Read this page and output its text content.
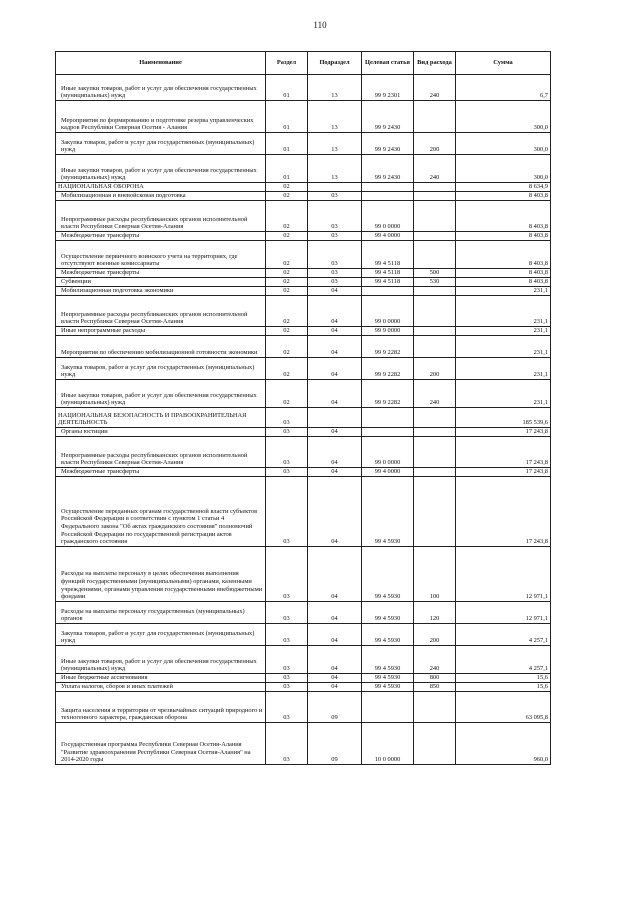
110
Наименование	Раздел	Подраздел	Целевая статья	Вид расхода	Сумма
Иные закупки товаров, работ и услуг для обеспечения государственных (муниципальных) нужд	01	13	99 9 2301	240	6,7
Мероприятия по формированию и подготовке резерва управленческих кадров Республики Северная Осетия - Алания	01	13	99 9 2430		300,0
Закупка товаров, работ и услуг для государственных (муниципальных) нужд	01	13	99 9 2430	200	300,0
Иные закупки товаров, работ и услуг для обеспечения государственных (муниципальных) нужд	01	13	99 9 2430	240	300,0
НАЦИОНАЛЬНАЯ ОБОРОНА	02				8 634,9
Мобилизационная и вневойсковая подготовка	02	03			8 403,8
Непрограммные расходы республиканских органов исполнительной власти Республики Северная Осетия-Алания	02	03	99 0 0000		8 403,8
Межбюджетные трансферты	02	03	99 4 0000		8 403,8
Осуществление первичного воинского учета на территориях, где отсутствуют военные комиссариаты	02	03	99 4 5118		8 403,8
Межбюджетные трансферты	02	03	99 4 5118	500	8 403,8
Субвенции	02	03	99 4 5118	530	8 403,8
Мобилизационная подготовка экономики	02	04			231,1
Непрограммные расходы республиканских органов исполнительной власти Республики Северная Осетия-Алания	02	04	99 0 0000		231,1
Иные непрограммные расходы	02	04	99 9 0000		231,1
Мероприятия по обеспечению мобилизационной готовности экономики	02	04	99 9 2282		231,1
Закупка товаров, работ и услуг для государственных (муниципальных) нужд	02	04	99 9 2282	200	231,1
Иные закупки товаров, работ и услуг для обеспечения государственных (муниципальных) нужд	02	04	99 9 2282	240	231,1
НАЦИОНАЛЬНАЯ БЕЗОПАСНОСТЬ И ПРАВООХРАНИТЕЛЬНАЯ ДЕЯТЕЛЬНОСТЬ	03				185 539,6
Органы юстиции	03	04			17 243,8
Непрограммные расходы республиканских органов исполнительной власти Республики Северная Осетия-Алания	03	04	99 0 0000		17 243,8
Межбюджетные трансферты	03	04	99 4 0000		17 243,8
Осуществление переданных органам государственной власти субъектов Российской Федерации в соответствии с пунктом 1 статьи 4 Федерального закона "Об актах гражданского состояния" полномочий Российской Федерации по государственной регистрации актов гражданского состояния	03	04	99 4 5930		17 243,8
Расходы на выплаты персоналу в целях обеспечения выполнения функций государственными (муниципальными) органами, казенными учреждениями, органами управления государственными внебюджетными фондами	03	04	99 4 5930	100	12 971,1
Расходы на выплаты персоналу государственных (муниципальных) органов	03	04	99 4 5930	120	12 971,1
Закупка товаров, работ и услуг для государственных (муниципальных) нужд	03	04	99 4 5930	200	4 257,1
Иные закупки товаров, работ и услуг для обеспечения государственных (муниципальных) нужд	03	04	99 4 5930	240	4 257,1
Иные бюджетные ассигнования	03	04	99 4 5930	800	15,6
Уплата налогов, сборов и иных платежей	03	04	99 4 5930	850	15,6
Защита населения и территории от чрезвычайных ситуаций природного и техногенного характера, гражданская оборона	03	09			63 095,8
Государственная программа Республики Северная Осетия-Алания "Развитие здравоохранения Республики Северная Осетия-Алания" на 2014-2020 годы	03	09	10 0 0000		960,0
